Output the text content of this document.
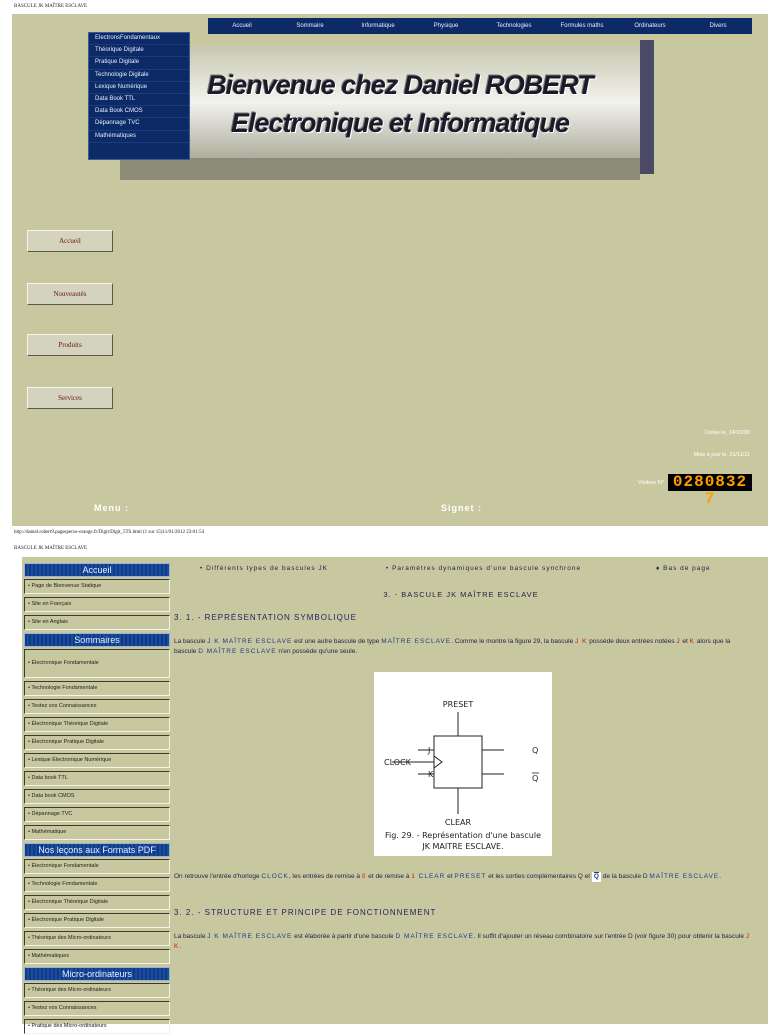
BASCULE JK MAÎTRE ESCLAVE
Accueil	Sommaire	Informatique	Physique	Technologies	Formules maths	Ordinateurs	Divers
Bienvenue chez Daniel ROBERT
Electronique et Informatique
ElectronsFondamentaux
Théorique Digitale
Pratique Digitale
Technologie Digitale
Lexique Numérique
Data Book TTL
Data Book CMOS
Dépannage TVC
Mathématiques
Accueil
Nouveautés
Produits
Services
Créée le, 14/03/99
Mise à jour le, 21/11/11
Visiteur N° 0280832 7
Menu :	Signet :
http://daniel.robert9.pagesperso-orange.fr/Digit/Digit_5TS.html (1 sur 15)11/01/2012 23:01:54
BASCULE JK MAÎTRE ESCLAVE
Accueil
• Page de Bienvenue Statique
• Site en Français
• Site en Anglais
Sommaires
• Électronique Fondamentale
• Technologie Fondamentale
• Testez vos Connaissances
• Électronique Théorique Digitale
• Électronique Pratique Digitale
• Lexique Électronique Numérique
• Data book TTL
• Data book CMOS
• Dépannage TVC
• Mathématique
Nos leçons aux Formats PDF
• Électronique Fondamentale
• Technologie Fondamentale
• Électronique Théorique Digitale
• Électronique Pratique Digitale
• Théorique des Micro-ordinateurs
• Mathématiques
Micro-ordinateurs
• Théorique des Micro-ordinateurs
• Testez vos Connaissances
• Pratique des Micro-ordinateurs
• Différents types de bascules JK	• Paramètres dynamiques d'une bascule synchrone	♦ Bas de page
3. - BASCULE JK MAÎTRE ESCLAVE
3. 1. - REPRÉSENTATION SYMBOLIQUE
La bascule J K MAÎTRE ESCLAVE est une autre bascule de type MAÎTRE ESCLAVE. Comme le montre la figure 29, la bascule J K possède deux entrées notées J et K alors que la bascule D MAÎTRE ESCLAVE n'en possède qu'une seule.
PRESET
CLOCK
J
K
Q
Q
CLEAR
Fig. 29. - Représentation d'une bascule
JK MAITRE ESCLAVE.
On retrouve l'entrée d'horloge CLOCK, les entrées de remise à 0 et de remise à 1 CLEAR et PRESET et les sorties complémentaires Q et $\overline{Q}$ de la bascule D MAÎTRE ESCLAVE.
3. 2. - STRUCTURE ET PRINCIPE DE FONCTIONNEMENT
La bascule J K MAÎTRE ESCLAVE est élaborée à partir d'une bascule D MAÎTRE ESCLAVE. Il suffit d'ajouter un réseau combinatoire sur l'entrée D (voir figure 30) pour obtenir la bascule J K.
